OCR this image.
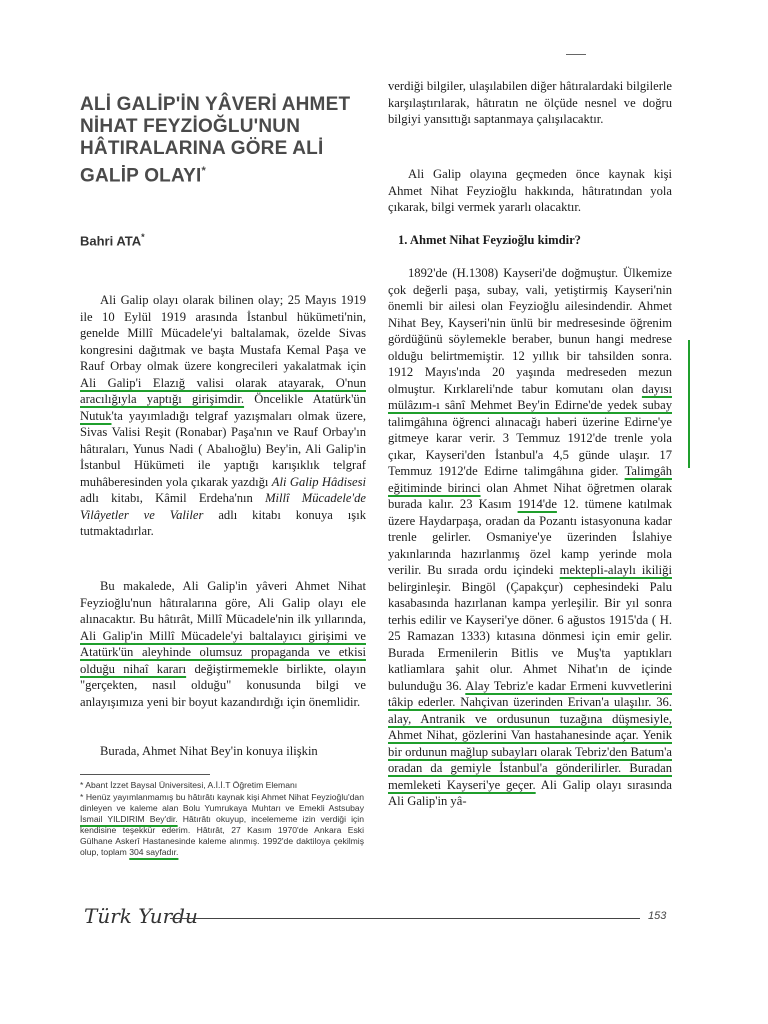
ALİ GALİP'İN YÂVERİ AHMET NİHAT FEYZİOĞLU'NUN HÂTIRALARINA GÖRE ALİ GALİP OLAYI*
Bahri ATA*

Ali Galip olayı olarak bilinen olay; 25 Mayıs 1919 ile 10 Eylül 1919 arasında İstanbul hükümeti'nin, genelde Millî Mücadele'yi baltalamak, özelde Sivas kongresini dağıtmak ve başta Mustafa Kemal Paşa ve Rauf Orbay olmak üzere kongrecileri yakalatmak için Ali Galip'i Elazığ valisi olarak atayarak, O'nun aracılığıyla yaptığı girişimdir. Öncelikle Atatürk'ün Nutuk'ta yayımladığı telgraf yazışmaları olmak üzere, Sivas Valisi Reşit (Ronabar) Paşa'nın ve Rauf Orbay'ın hâtıraları, Yunus Nadi ( Abalıoğlu) Bey'in, Ali Galip'in İstanbul Hükümeti ile yaptığı karışıklık telgraf muhâberesinden yola çıkarak yazdığı Ali Galip Hâdisesi adlı kitabı, Kâmil Erdeha'nın Millî Mücadele'de Vilâyetler ve Valiler adlı kitabı konuya ışık tutmaktadırlar.

Bu makalede, Ali Galip'in yâveri Ahmet Nihat Feyzioğlu'nun hâtıralarına göre, Ali Galip olayı ele alınacaktır. Bu hâtırât, Millî Mücadele'nin ilk yıllarında, Ali Galip'in Millî Mücadele'yi baltalayıcı girişimi ve Atatürk'ün aleyhinde olumsuz propaganda ve etkisi olduğu nihaî kararı değiştirmemekle birlikte, olayın "gerçekten, nasıl olduğu" konusunda bilgi ve anlayışımıza yeni bir boyut kazandırdığı için önemlidir.

Burada, Ahmet Nihat Bey'in konuya ilişkin

* Abant İzzet Baysal Üniversitesi, A.İ.İ.T Öğretim Elemanı

* Henüz yayımlanmamış bu hâtırâtı kaynak kişi Ahmet Nihat Feyzioğlu'dan dinleyen ve kaleme alan Bolu Yumrukaya Muhtarı ve Emekli Astsubay İsmail YILDIRIM Bey'dir. Hâtırâtı okuyup, incelememe izin verdiği için kendisine teşekkür ederim. Hâtırât, 27 Kasım 1970'de Ankara Eski Gülhane Askerî Hastanesinde kaleme alınmış. 1992'de daktiloya çekilmiş olup, toplam 304 sayfadır.

verdiği bilgiler, ulaşılabilen diğer hâtıralardaki bilgilerle karşılaştırılarak, hâtıratın ne ölçüde nesnel ve doğru bilgiyi yansıttığı saptanmaya çalışılacaktır.

Ali Galip olayına geçmeden önce kaynak kişi Ahmet Nihat Feyzioğlu hakkında, hâtıratından yola çıkarak, bilgi vermek yararlı olacaktır.

1. Ahmet Nihat Feyzioğlu kimdir?

1892'de (H.1308) Kayseri'de doğmuştur. Ülkemize çok değerli paşa, subay, vali, yetiştirmiş Kayseri'nin önemli bir ailesi olan Feyzioğlu ailesindendir. Ahmet Nihat Bey, Kayseri'nin ünlü bir medresesinde öğrenim gördüğünü söylemekle beraber, bunun hangi medrese olduğu belirtmemiştir. 12 yıllık bir tahsilden sonra. 1912 Mayıs'ında 20 yaşında medreseden mezun olmuştur. Kırklareli'nde tabur komutanı olan dayısı mülâzım-ı sânî Mehmet Bey'in Edirne'de yedek subay talimgâhına öğrenci alınacağı haberi üzerine Edirne'ye gitmeye karar verir. 3 Temmuz 1912'de trenle yola çıkar, Kayseri'den İstanbul'a 4,5 günde ulaşır. 17 Temmuz 1912'de Edirne talimgâhına gider. Talimgâh eğitiminde birinci olan Ahmet Nihat öğretmen olarak burada kalır. 23 Kasım 1914'de 12. tümene katılmak üzere Haydarpaşa, oradan da Pozantı istasyonuna kadar trenle gelirler. Osmaniye'ye üzerinden İslahiye yakınlarında hazırlanmış özel kamp yerinde mola verilir. Bu sırada ordu içindeki mektepli-alaylı ikiliği belirginleşir. Bingöl (Çapakçur) cephesindeki Palu kasabasında hazırlanan kampa yerleşilir. Bir yıl sonra terhis edilir ve Kayseri'ye döner. 6 ağustos 1915'da ( H. 25 Ramazan 1333) kıtasına dönmesi için emir gelir. Burada Ermenilerin Bitlis ve Muş'ta yaptıkları katliamlara şahit olur. Ahmet Nihat'ın de içinde bulunduğu 36. Alay Tebriz'e kadar Ermeni kuvvetlerini tâkip ederler. Nahçivan üzerinden Erivan'a ulaşılır. 36. alay, Antranik ve ordusunun tuzağına düşmesiyle, Ahmet Nihat, gözlerini Van hastahanesinde açar. Yenik bir ordunun mağlup subayları olarak Tebriz'den Batum'a oradan da gemiyle İstanbul'a gönderilirler. Buradan memleketi Kayseri'ye geçer. Ali Galip olayı sırasında Ali Galip'in yâ-

Türk Yurdu	153
